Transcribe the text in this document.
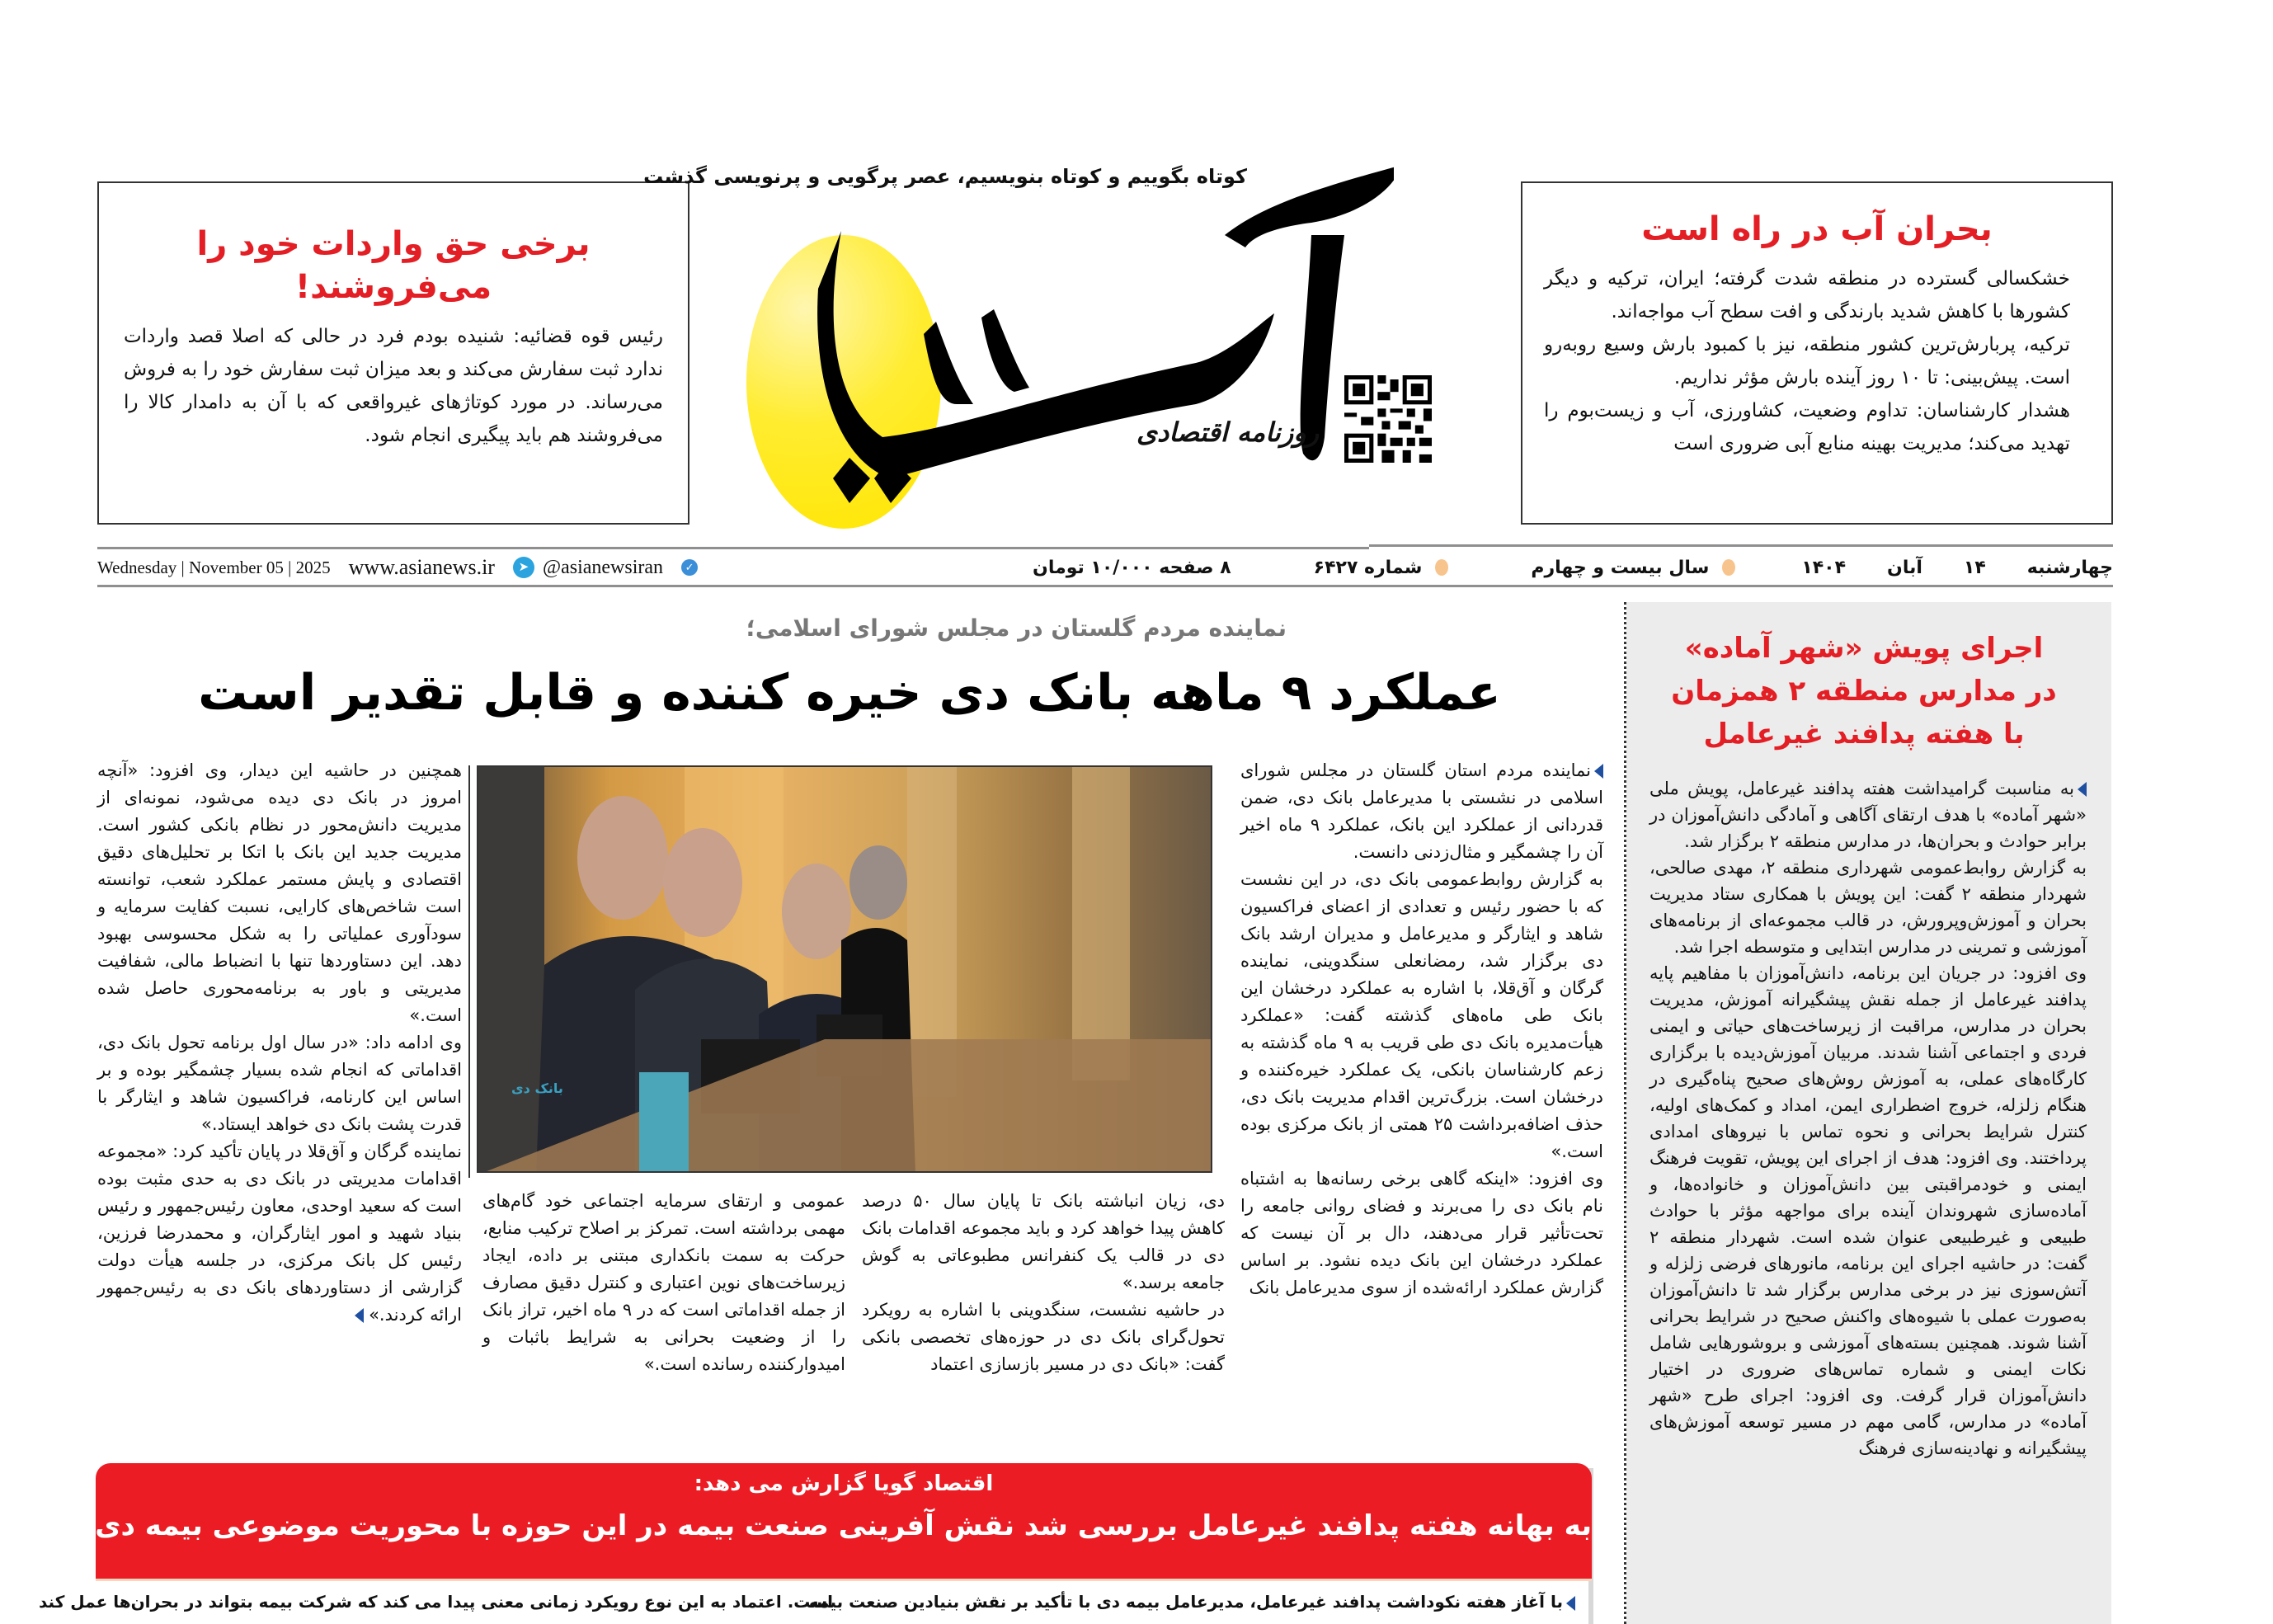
برخی حق واردات خود را
می‌فروشند!
رئیس قوه قضائیه: شنیده بودم فرد در حالی که اصلا قصد واردات ندارد ثبت سفارش می‌کند و بعد میزان ثبت سفارش خود را به فروش می‌رساند. در مورد کوتاژهای غیرواقعی که با آن به دامدار کالا را می‌فروشند هم باید پیگیری انجام شود.
بحران آب در راه است
خشکسالی گسترده در منطقه شدت گرفته؛ ایران، ترکیه و دیگر کشورها با کاهش شدید بارندگی و افت سطح آب مواجه‌اند.
ترکیه، پربارش‌ترین کشور منطقه، نیز با کمبود بارش وسیع روبه‌رو است. پیش‌بینی: تا ۱۰ روز آینده بارش مؤثر نداریم.
هشدار کارشناسان: تداوم وضعیت، کشاورزی، آب و زیست‌بوم را تهدید می‌کند؛ مدیریت بهینه منابع آبی ضروری است
کوتاه بگوییم و کوتاه بنویسیم، عصر پرگویی و پرنویسی گذشت
روزنامه اقتصادی
Wednesday | November 05 | 2025 www.asianews.ir	➤ @asianewsiran	✓	چهارشنبه
۱۴
آبان
۱۴۰۴
سال بیست و چهارم
شماره ۶۴۲۷
۸ صفحه ۱۰/۰۰۰ تومان
نماینده مردم گلستان در مجلس شورای اسلامی؛
عملکرد ۹ ماهه بانک دی خیره کننده و قابل تقدیر است

نماینده مردم استان گلستان در مجلس شورای اسلامی در نشستی با مدیرعامل بانک دی، ضمن قدردانی از عملکرد این بانک، عملکرد ۹ ماه اخیر آن را چشمگیر و مثال‌زدنی دانست.

به گزارش روابط‌عمومی بانک دی، در این نشست که با حضور رئیس و تعدادی از اعضای فراکسیون شاهد و ایثارگر و مدیرعامل و مدیران ارشد بانک دی برگزار شد، رمضانعلی سنگدوینی، نماینده گرگان و آق‌قلا، با اشاره به عملکرد درخشان این بانک طی ماه‌های گذشته گفت: «عملکرد هیأت‌مدیره بانک دی طی قریب به ۹ ماه گذشته به زعم کارشناسان بانکی، یک عملکرد خیره‌کننده و درخشان است. بزرگ‌ترین اقدام مدیریت بانک دی، حذف اضافه‌برداشت ۲۵ همتی از بانک مرکزی بوده است.»

وی افزود: «اینکه گاهی برخی رسانه‌ها به اشتباه نام بانک دی را می‌برند و فضای روانی جامعه را تحت‌تأثیر قرار می‌دهند، دال بر آن نیست که عملکرد درخشان این بانک دیده نشود. بر اساس گزارش عملکرد ارائه‌شده از سوی مدیرعامل بانک

بانک دی

دی، زیان انباشته بانک تا پایان سال ۵۰ درصد کاهش پیدا خواهد کرد و باید مجموعه اقدامات بانک دی در قالب یک کنفرانس مطبوعاتی به گوش جامعه برسد.»

در حاشیه نشست، سنگدوینی با اشاره به رویکرد تحول‌گرای بانک دی در حوزه‌های تخصصی بانکی گفت: «بانک دی در مسیر بازسازی اعتماد

عمومی و ارتقای سرمایه اجتماعی خود گام‌های مهمی برداشته است. تمرکز بر اصلاح ترکیب منابع، حرکت به سمت بانکداری مبتنی بر داده، ایجاد زیرساخت‌های نوین اعتباری و کنترل دقیق مصارف از جمله اقداماتی است که در ۹ ماه اخیر، تراز بانک را از وضعیت بحرانی به شرایط باثبات و امیدوارکننده رسانده است.»

همچنین در حاشیه این دیدار، وی افزود: «آنچه امروز در بانک دی دیده می‌شود، نمونه‌ای از مدیریت دانش‌محور در نظام بانکی کشور است. مدیریت جدید این بانک با اتکا بر تحلیل‌های دقیق اقتصادی و پایش مستمر عملکرد شعب، توانسته است شاخص‌های کارایی، نسبت کفایت سرمایه و سودآوری عملیاتی را به شکل محسوسی بهبود دهد. این دستاوردها تنها با انضباط مالی، شفافیت مدیریتی و باور به برنامه‌محوری حاصل شده است.»

وی ادامه داد: «در سال اول برنامه تحول بانک دی، اقداماتی که انجام شده بسیار چشمگیر بوده و بر اساس این کارنامه، فراکسیون شاهد و ایثارگر با قدرت پشت بانک دی خواهد ایستاد.»

نماینده گرگان و آق‌قلا در پایان تأکید کرد: «مجموعه اقدامات مدیریتی در بانک دی به حدی مثبت بوده است که سعید اوحدی، معاون رئیس‌جمهور و رئیس بنیاد شهید و امور ایثارگران، و محمدرضا فرزین، رئیس کل بانک مرکزی، در جلسه هیأت دولت گزارشی از دستاوردهای بانک دی به رئیس‌جمهور ارائه کردند.»

اجرای پویش «شهر آماده»
در مدارس منطقه ۲ همزمان
با هفته پدافند غیرعامل

به مناسبت گرامیداشت هفته پدافند غیرعامل، پویش ملی «شهر آماده» با هدف ارتقای آگاهی و آمادگی دانش‌آموزان در برابر حوادث و بحران‌ها، در مدارس منطقه ۲ برگزار شد.

به گزارش روابط‌عمومی شهرداری منطقه ۲، مهدی صالحی، شهردار منطقه ۲ گفت: این پویش با همکاری ستاد مدیریت بحران و آموزش‌وپرورش، در قالب مجموعه‌ای از برنامه‌های آموزشی و تمرینی در مدارس ابتدایی و متوسطه اجرا شد.

وی افزود: در جریان این برنامه، دانش‌آموزان با مفاهیم پایه پدافند غیرعامل از جمله نقش پیشگیرانه آموزش، مدیریت بحران در مدارس، مراقبت از زیرساخت‌های حیاتی و ایمنی فردی و اجتماعی آشنا شدند. مربیان آموزش‌دیده با برگزاری کارگاه‌های عملی، به آموزش روش‌های صحیح پناه‌گیری در هنگام زلزله، خروج اضطراری ایمن، امداد و کمک‌های اولیه، کنترل شرایط بحرانی و نحوه تماس با نیروهای امدادی پرداختند. وی افزود: هدف از اجرای این پویش، تقویت فرهنگ ایمنی و خودمراقبتی بین دانش‌آموزان و خانواده‌ها، و آماده‌سازی شهروندان آینده برای مواجهه مؤثر با حوادث طبیعی و غیرطبیعی عنوان شده است. شهردار منطقه ۲ گفت: در حاشیه اجرای این برنامه، مانورهای فرضی زلزله و آتش‌سوزی نیز در برخی مدارس برگزار شد تا دانش‌آموزان به‌صورت عملی با شیوه‌های واکنش صحیح در شرایط بحرانی آشنا شوند. همچنین بسته‌های آموزشی و بروشورهایی شامل نکات ایمنی و شماره تماس‌های ضروری در اختیار دانش‌آموزان قرار گرفت. وی افزود: اجرای طرح «شهر آماده» در مدارس، گامی مهم در مسیر توسعه آموزش‌های پیشگیرانه و نهادینه‌سازی فرهنگ

اقتصاد گویا گزارش می دهد:
به بهانه هفته پدافند غیرعامل بررسی شد نقش آفرینی صنعت بیمه در این حوزه با محوریت موضوعی بیمه دی
با آغاز هفته نکوداشت پدافند غیرعامل، مدیرعامل بیمه دی با تأکید بر نقش بنیادین صنعت بیمه
است. اعتماد به این نوع رویکرد زمانی معنی پیدا می کند که شرکت بیمه بتواند در بحران‌ها عمل کند
